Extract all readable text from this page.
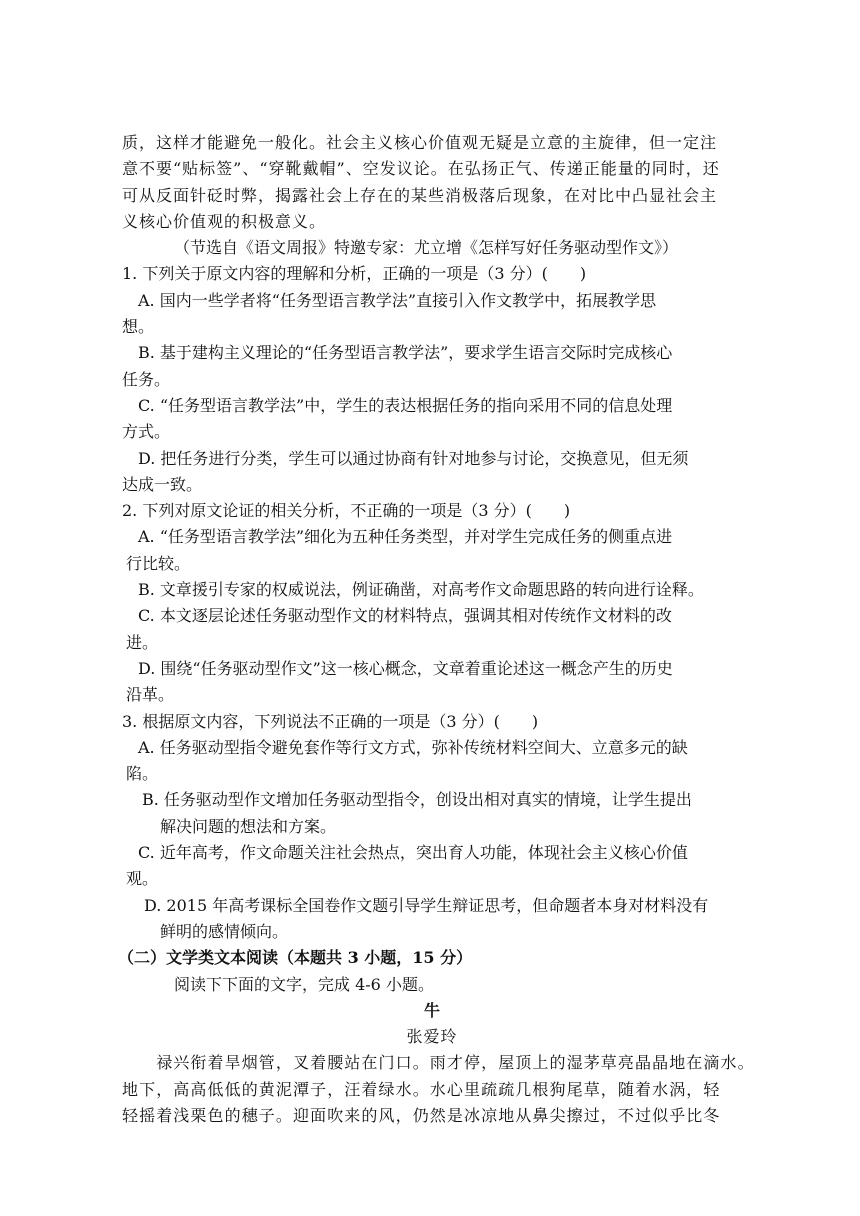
质，这样才能避免一般化。社会主义核心价值观无疑是立意的主旋律，但一定注
意不要“贴标签”、“穿靴戴帽”、空发议论。在弘扬正气、传递正能量的同时，还
可从反面针砭时弊，揭露社会上存在的某些消极落后现象，在对比中凸显社会主
义核心价值观的积极意义。
（节选自《语文周报》特邀专家：尤立增《怎样写好任务驱动型作文》）
1. 下列关于原文内容的理解和分析，正确的一项是（3 分）(　　)
A. 国内一些学者将“任务型语言教学法”直接引入作文教学中，拓展教学思
想。
B. 基于建构主义理论的“任务型语言教学法”，要求学生语言交际时完成核心
任务。
C. “任务型语言教学法”中，学生的表达根据任务的指向采用不同的信息处理
方式。
D. 把任务进行分类，学生可以通过协商有针对地参与讨论，交换意见，但无须
达成一致。
2. 下列对原文论证的相关分析，不正确的一项是（3 分）(　　)
A. “任务型语言教学法”细化为五种任务类型，并对学生完成任务的侧重点进
行比较。
B. 文章援引专家的权威说法，例证确凿，对高考作文命题思路的转向进行诠释。
C. 本文逐层论述任务驱动型作文的材料特点，强调其相对传统作文材料的改
进。
D. 围绕“任务驱动型作文”这一核心概念，文章着重论述这一概念产生的历史
沿革。
3. 根据原文内容，下列说法不正确的一项是（3 分）(　　)
A. 任务驱动型指令避免套作等行文方式，弥补传统材料空间大、立意多元的缺
陷。
B. 任务驱动型作文增加任务驱动型指令，创设出相对真实的情境，让学生提出
解决问题的想法和方案。
C. 近年高考，作文命题关注社会热点，突出育人功能，体现社会主义核心价值
观。
D. 2015 年高考课标全国卷作文题引导学生辩证思考，但命题者本身对材料没有
鲜明的感情倾向。
（二）文学类文本阅读（本题共 3 小题，15 分）
阅读下下面的文字，完成 4-6 小题。
牛
张爱玲
　　禄兴衔着旱烟管，叉着腰站在门口。雨才停，屋顶上的湿茅草亮晶晶地在滴水。
地下，高高低低的黄泥潭子，汪着绿水。水心里疏疏几根狗尾草，随着水涡，轻
轻摇着浅栗色的穗子。迎面吹来的风，仍然是冰凉地从鼻尖擦过，不过似乎比冬
